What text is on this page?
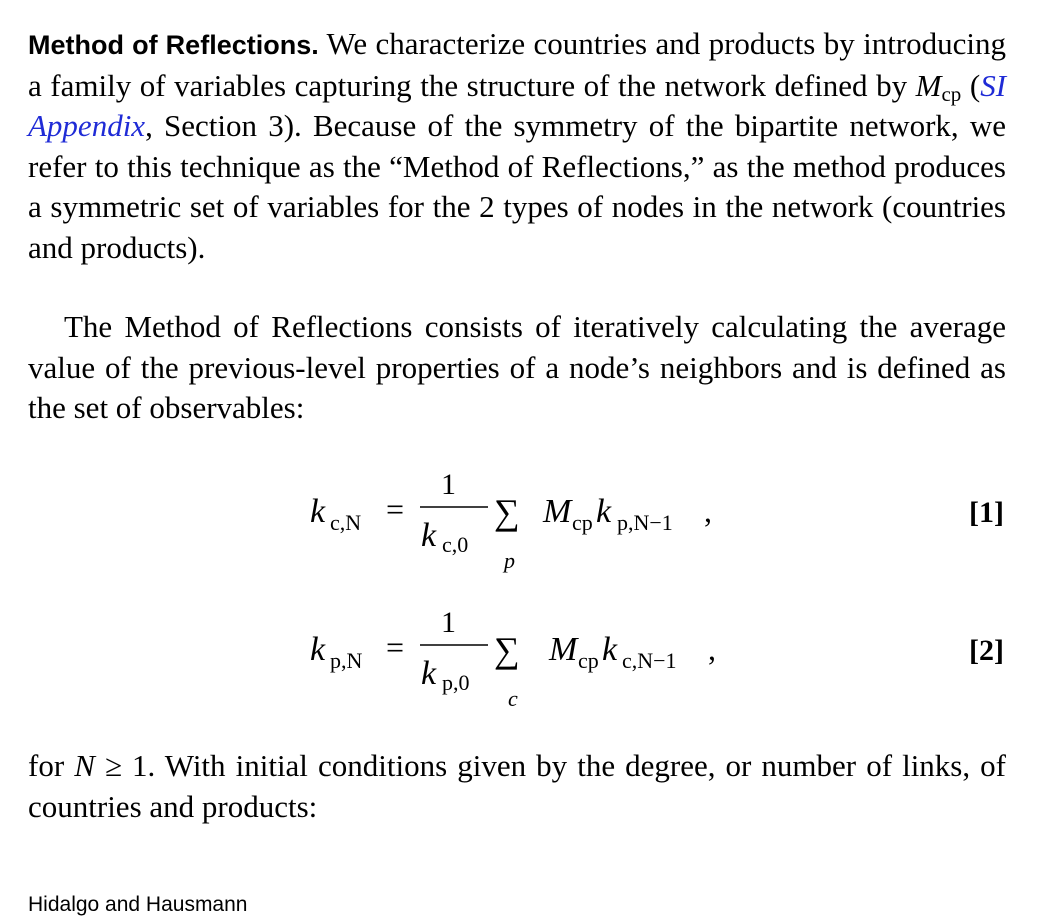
Method of Reflections. We characterize countries and products by introducing a family of variables capturing the structure of the network defined by $M_{cp}$ (SI Appendix, Section 3). Because of the symmetry of the bipartite network, we refer to this technique as the “Method of Reflections,” as the method produces a symmetric set of variables for the 2 types of nodes in the network (countries and products).

The Method of Reflections consists of iteratively calculating the average value of the previous-level properties of a node’s neighbors and is defined as the set of observables:

k c,N =
1
k c,0
∑
p
M cp k p,N−1 ,	[1]
k p,N =
1
k p,0
∑
c
M cp k c,N−1 ,	[2]

for N ≥ 1. With initial conditions given by the degree, or number of links, of countries and products:

Hidalgo and Hausmann
